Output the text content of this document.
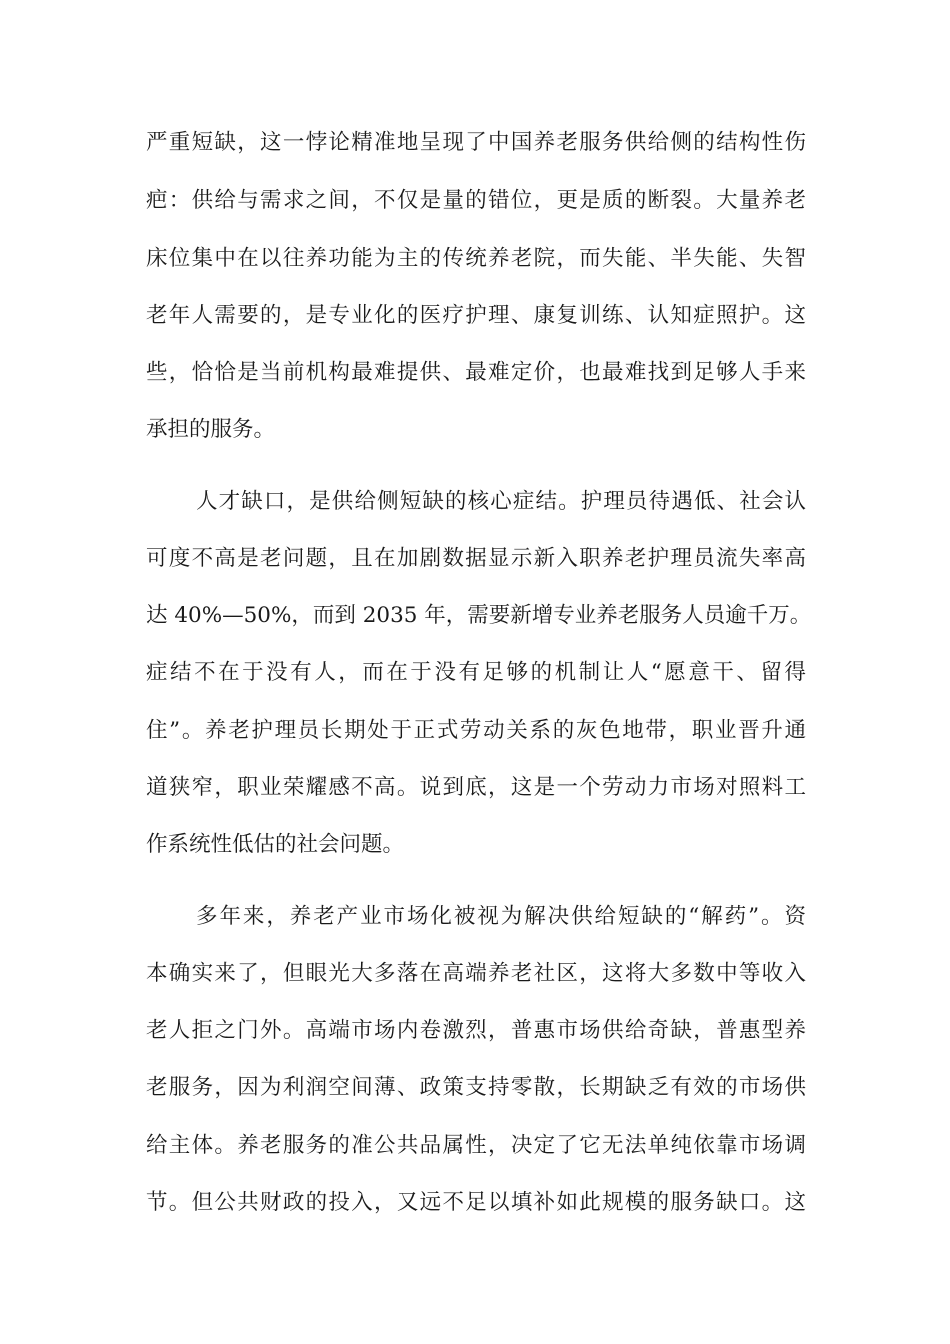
严重短缺，这一悖论精准地呈现了中国养老服务供给侧的结构性伤
疤：供给与需求之间，不仅是量的错位，更是质的断裂。大量养老
床位集中在以往养功能为主的传统养老院，而失能、半失能、失智
老年人需要的，是专业化的医疗护理、康复训练、认知症照护。这
些，恰恰是当前机构最难提供、最难定价，也最难找到足够人手来
承担的服务。
人才缺口，是供给侧短缺的核心症结。护理员待遇低、社会认
可度不高是老问题，且在加剧数据显示新入职养老护理员流失率高
达 40%—50%，而到 2035 年，需要新增专业养老服务人员逾千万。
症结不在于没有人，而在于没有足够的机制让人“愿意干、留得
住”。养老护理员长期处于正式劳动关系的灰色地带，职业晋升通
道狭窄，职业荣耀感不高。说到底，这是一个劳动力市场对照料工
作系统性低估的社会问题。
多年来，养老产业市场化被视为解决供给短缺的“解药”。资
本确实来了，但眼光大多落在高端养老社区，这将大多数中等收入
老人拒之门外。高端市场内卷激烈，普惠市场供给奇缺，普惠型养
老服务，因为利润空间薄、政策支持零散，长期缺乏有效的市场供
给主体。养老服务的准公共品属性，决定了它无法单纯依靠市场调
节。但公共财政的投入，又远不足以填补如此规模的服务缺口。这
